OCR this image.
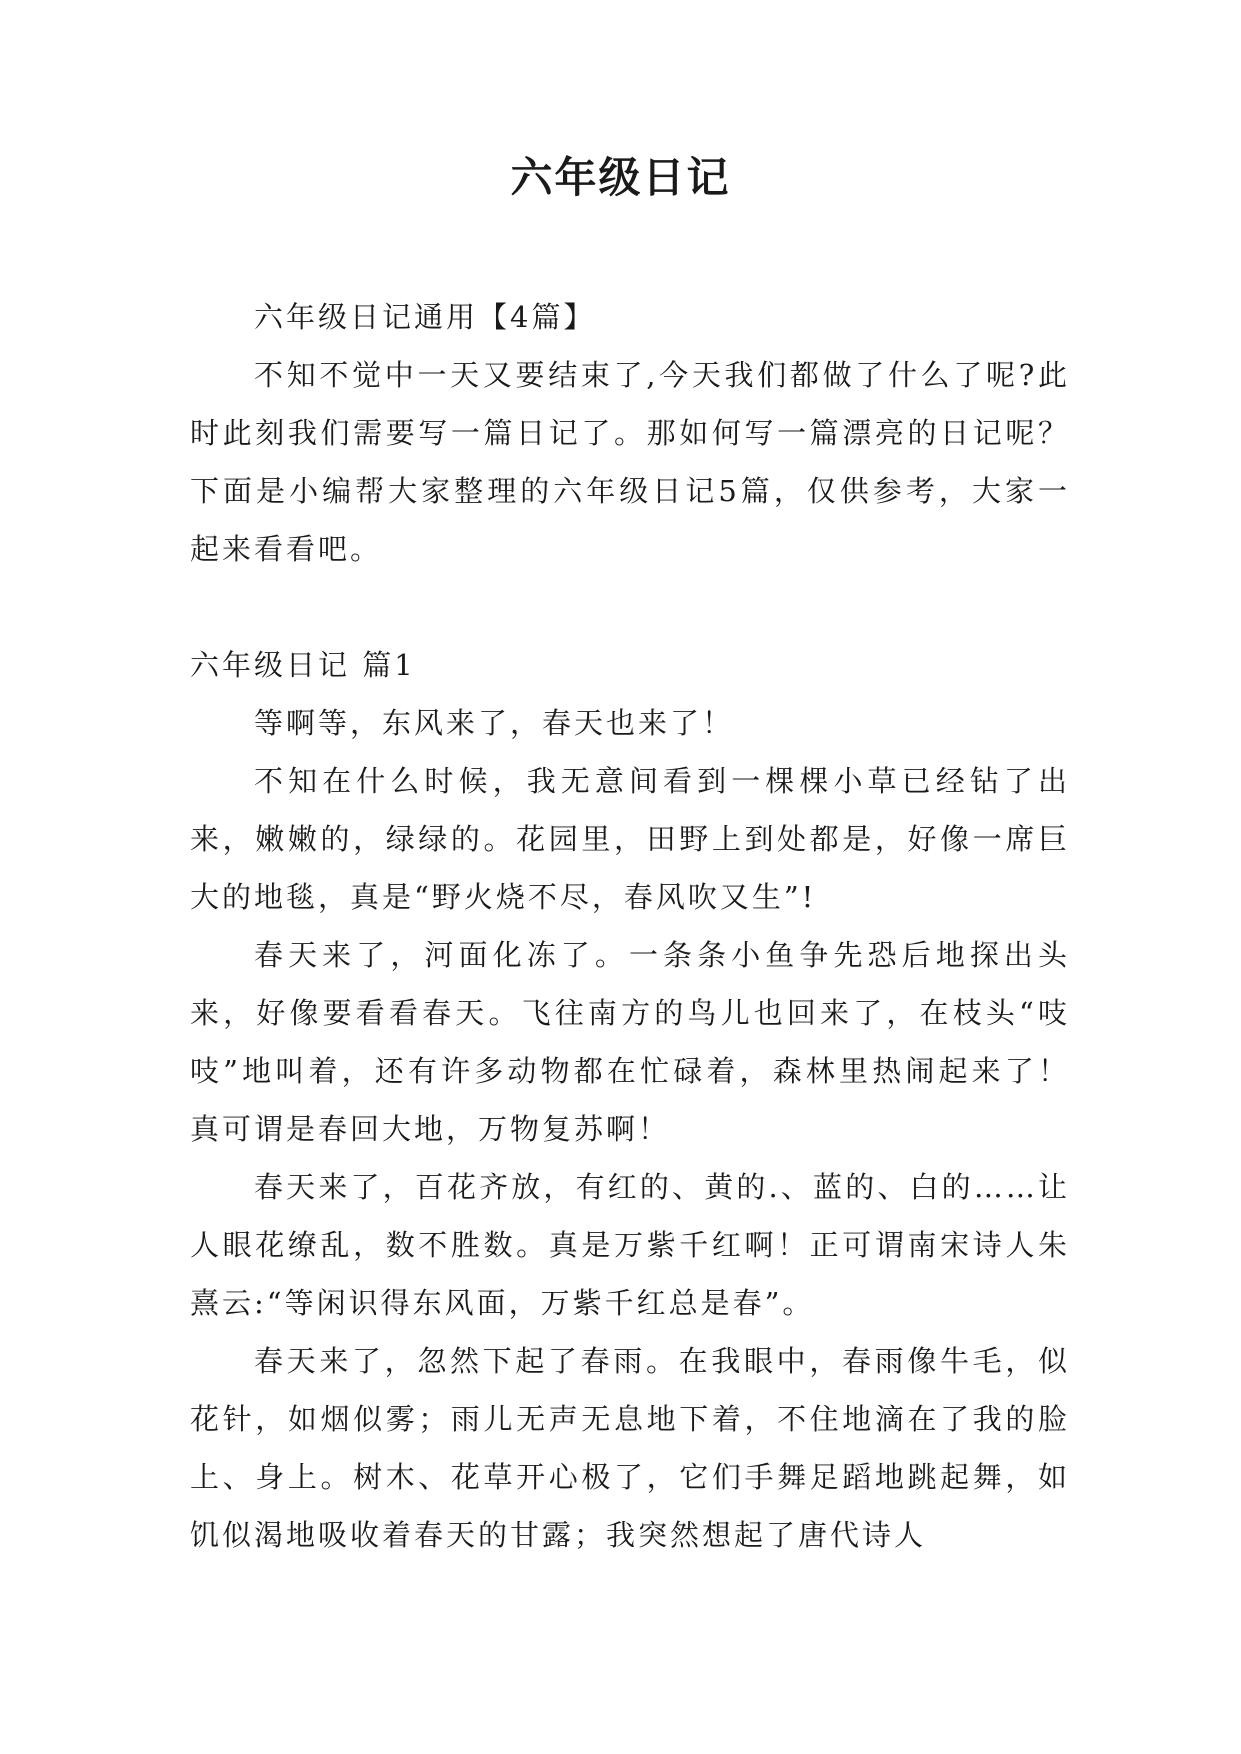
六年级日记

六年级日记通用【4篇】

不知不觉中一天又要结束了,今天我们都做了什么了呢?此时此刻我们需要写一篇日记了。那如何写一篇漂亮的日记呢？下面是小编帮大家整理的六年级日记5篇，仅供参考，大家一起来看看吧。

六年级日记 篇1

等啊等，东风来了，春天也来了！

不知在什么时候，我无意间看到一棵棵小草已经钻了出来，嫩嫩的，绿绿的。花园里，田野上到处都是，好像一席巨大的地毯，真是“野火烧不尽，春风吹又生”!

春天来了，河面化冻了。一条条小鱼争先恐后地探出头来，好像要看看春天。飞往南方的鸟儿也回来了，在枝头“吱吱”地叫着，还有许多动物都在忙碌着，森林里热闹起来了！真可谓是春回大地，万物复苏啊！

春天来了，百花齐放，有红的、黄的.、蓝的、白的……让人眼花缭乱，数不胜数。真是万紫千红啊！正可谓南宋诗人朱熹云:“等闲识得东风面，万紫千红总是春”。

春天来了，忽然下起了春雨。在我眼中，春雨像牛毛，似花针，如烟似雾；雨儿无声无息地下着，不住地滴在了我的脸上、身上。树木、花草开心极了，它们手舞足蹈地跳起舞，如饥似渴地吸收着春天的甘露；我突然想起了唐代诗人
